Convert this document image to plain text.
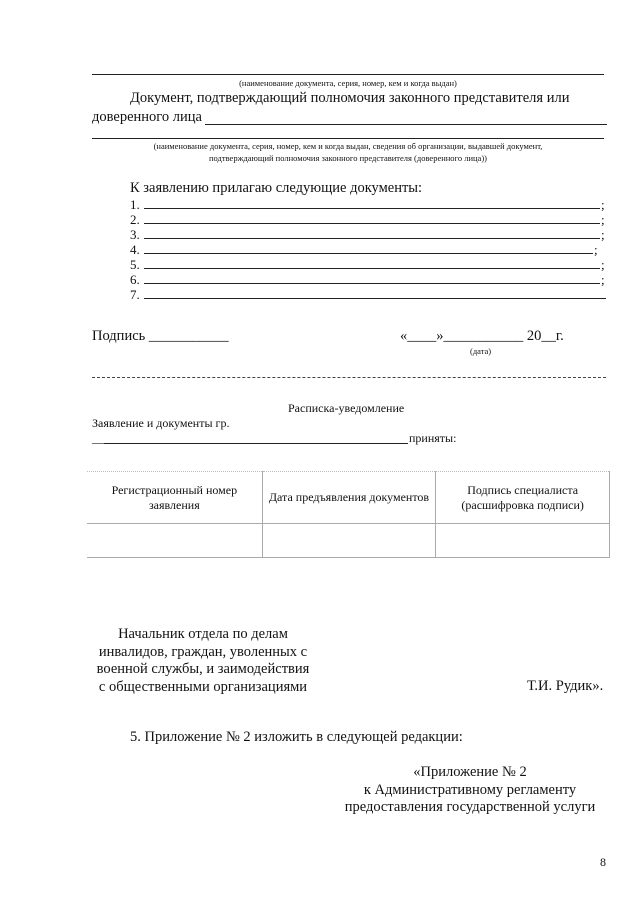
(наименование документа, серия, номер, кем и когда выдан)
Документ, подтверждающий полномочия законного представителя или
доверенного лица
(наименование документа, серия, номер, кем и когда выдан, сведения об организации, выдавшей документ,
подтверждающий полномочия законного представителя (доверенного лица))
К заявлению прилагаю следующие документы:
1.	;
2.	;
3.	;
4.	;
5.	;
6.	;
7.
Подпись ___________	«____»___________ 20__г.
(дата)
Расписка-уведомление
Заявление и документы гр.
__	приняты:
Регистрационный номер заявления	Дата предъявления документов	Подпись специалиста (расшифровка подписи)

Начальник отдела по делам
инвалидов, граждан, уволенных с
военной службы, и заимодействия
с общественными организациями	Т.И. Рудик».
5. Приложение № 2 изложить в следующей редакции:
«Приложение № 2
к Административному регламенту
предоставления государственной услуги
8
